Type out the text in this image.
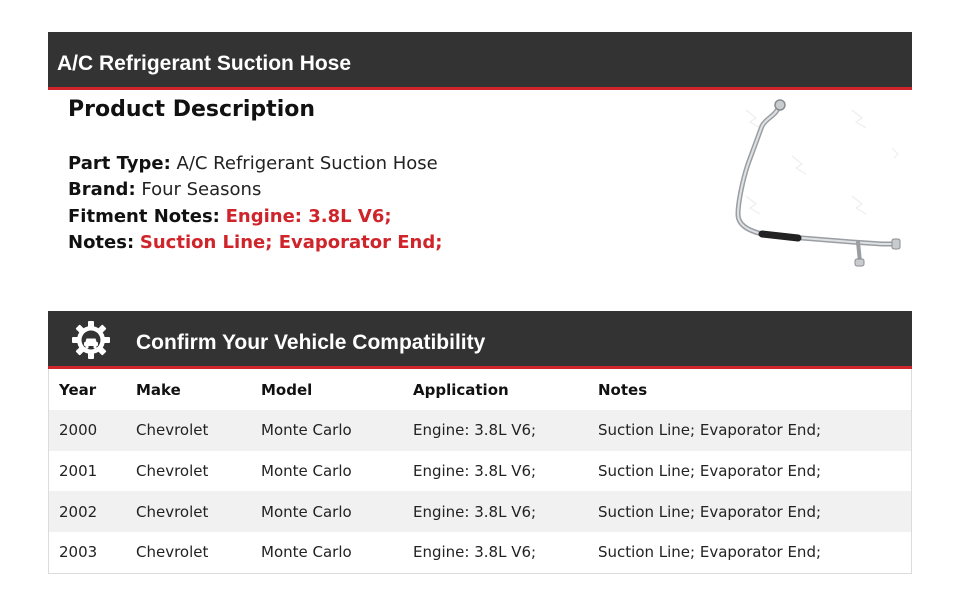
A/C Refrigerant Suction Hose
Product Description
Part Type: A/C Refrigerant Suction Hose
Brand: Four Seasons
Fitment Notes: Engine: 3.8L V6;
Notes: Suction Line; Evaporator End;
Confirm Your Vehicle Compatibility
Year	Make	Model	Application	Notes
2000	Chevrolet	Monte Carlo	Engine: 3.8L V6;	Suction Line; Evaporator End;
2001	Chevrolet	Monte Carlo	Engine: 3.8L V6;	Suction Line; Evaporator End;
2002	Chevrolet	Monte Carlo	Engine: 3.8L V6;	Suction Line; Evaporator End;
2003	Chevrolet	Monte Carlo	Engine: 3.8L V6;	Suction Line; Evaporator End;
